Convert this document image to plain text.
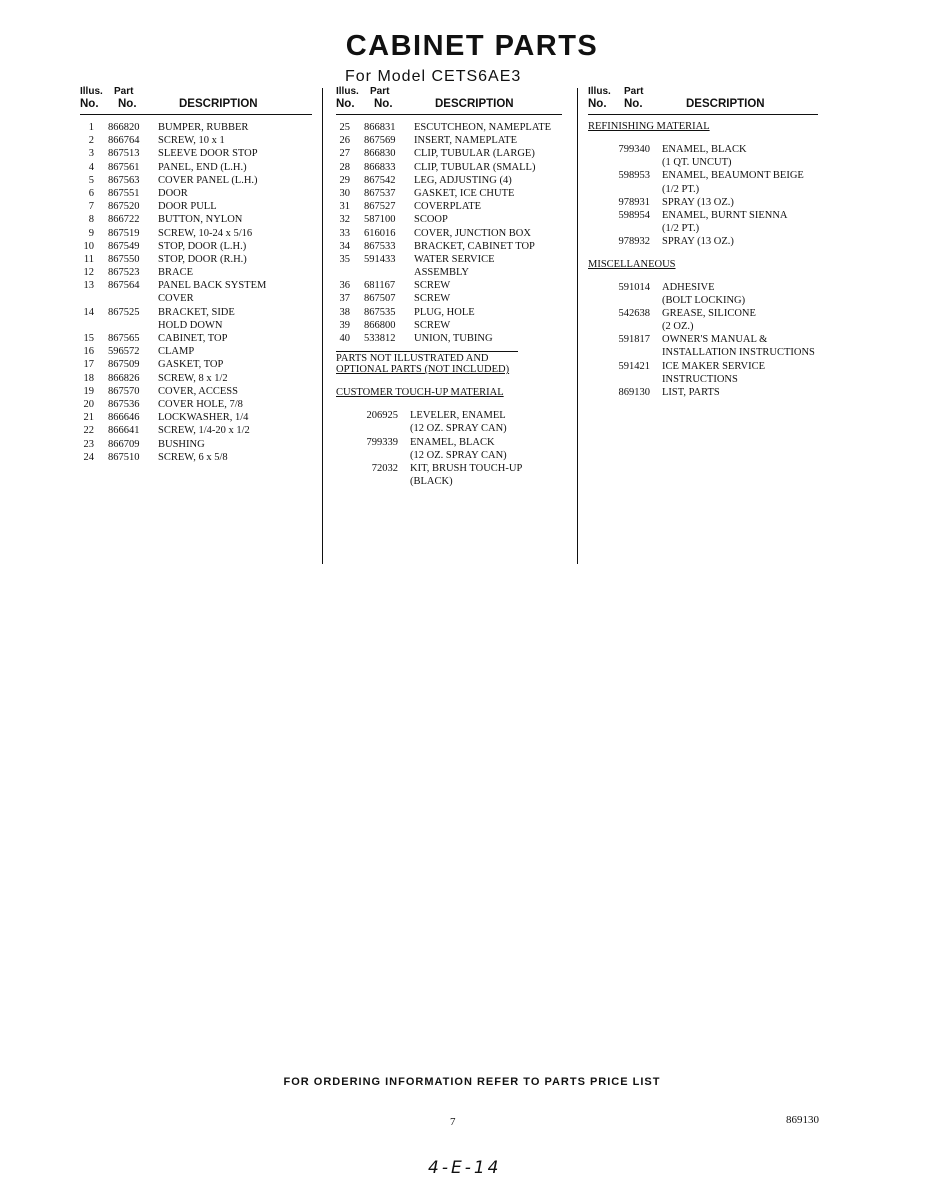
CABINET PARTS
For Model CETS6AE3
Illus. Part
No. No.	DESCRIPTION
1 866820 BUMPER, RUBBER
2 866764 SCREW, 10 x 1
3 867513 SLEEVE DOOR STOP
4 867561 PANEL, END (L.H.)
5 867563 COVER PANEL (L.H.)
6 867551 DOOR
7 867520 DOOR PULL
8 866722 BUTTON, NYLON
9 867519 SCREW, 10-24 x 5/16
10 867549 STOP, DOOR (L.H.)
11 867550 STOP, DOOR (R.H.)
12 867523 BRACE
13 867564 PANEL BACK SYSTEM
COVER
14 867525 BRACKET, SIDE
HOLD DOWN
15 867565 CABINET, TOP
16 596572 CLAMP
17 867509 GASKET, TOP
18 866826 SCREW, 8 x 1/2
19 867570 COVER, ACCESS
20 867536 COVER HOLE, 7/8
21 866646 LOCKWASHER, 1/4
22 866641 SCREW, 1/4-20 x 1/2
23 866709 BUSHING
24 867510 SCREW, 6 x 5/8
Illus. Part
No. No.	DESCRIPTION
25 866831 ESCUTCHEON, NAMEPLATE
26 867569 INSERT, NAMEPLATE
27 866830 CLIP, TUBULAR (LARGE)
28 866833 CLIP, TUBULAR (SMALL)
29 867542 LEG, ADJUSTING (4)
30 867537 GASKET, ICE CHUTE
31 867527 COVERPLATE
32 587100 SCOOP
33 616016 COVER, JUNCTION BOX
34 867533 BRACKET, CABINET TOP
35 591433 WATER SERVICE
ASSEMBLY
36 681167 SCREW
37 867507 SCREW
38 867535 PLUG, HOLE
39 866800 SCREW
40 533812 UNION, TUBING
PARTS NOT ILLUSTRATED AND
OPTIONAL PARTS (NOT INCLUDED)
CUSTOMER TOUCH-UP MATERIAL
206925 LEVELER, ENAMEL
(12 OZ. SPRAY CAN)
799339 ENAMEL, BLACK
(12 OZ. SPRAY CAN)
72032 KIT, BRUSH TOUCH-UP
(BLACK)
Illus. Part
No. No.	DESCRIPTION
REFINISHING MATERIAL
799340 ENAMEL, BLACK
(1 QT. UNCUT)
598953 ENAMEL, BEAUMONT BEIGE
(1/2 PT.)
978931 SPRAY (13 OZ.)
598954 ENAMEL, BURNT SIENNA
(1/2 PT.)
978932 SPRAY (13 OZ.)
MISCELLANEOUS
591014 ADHESIVE
(BOLT LOCKING)
542638 GREASE, SILICONE
(2 OZ.)
591817 OWNER'S MANUAL &
INSTALLATION INSTRUCTIONS
591421 ICE MAKER SERVICE
INSTRUCTIONS
869130 LIST, PARTS
FOR ORDERING INFORMATION REFER TO PARTS PRICE LIST
7	869130
4-E-14
